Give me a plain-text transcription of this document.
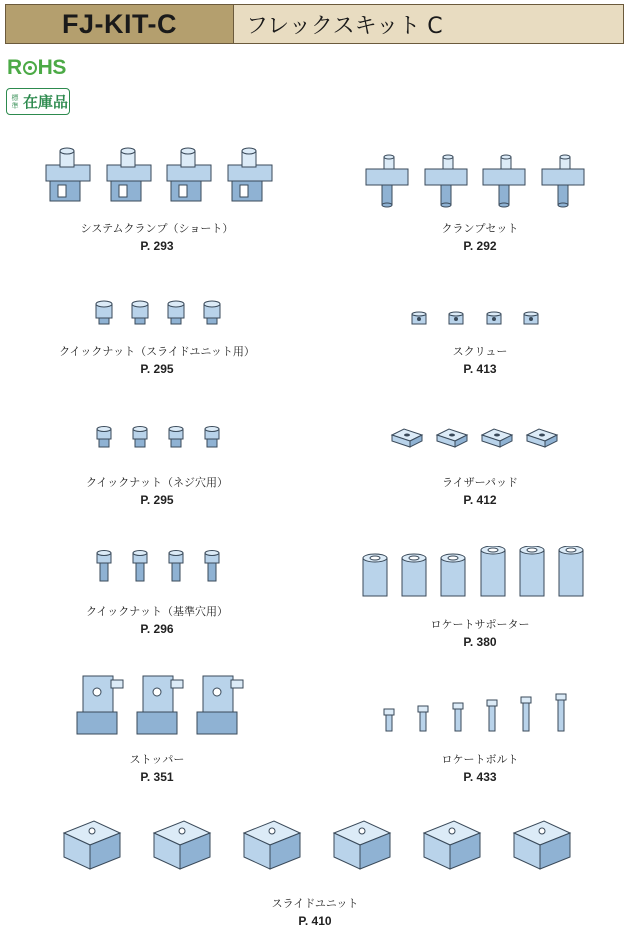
FJ-KIT-C	フレックスキット C
R HS
標準 在庫品
システムクランプ（ショート）
P. 293
クランプセット
P. 292
クイックナット（スライドユニット用）
P. 295
スクリュー
P. 413
クイックナット（ネジ穴用）
P. 295
ライザーパッド
P. 412
クイックナット（基準穴用）
P. 296	ロケートサポーター
P. 380
ストッパー
P. 351
ロケートボルト
P. 433
スライドユニット
P. 410
